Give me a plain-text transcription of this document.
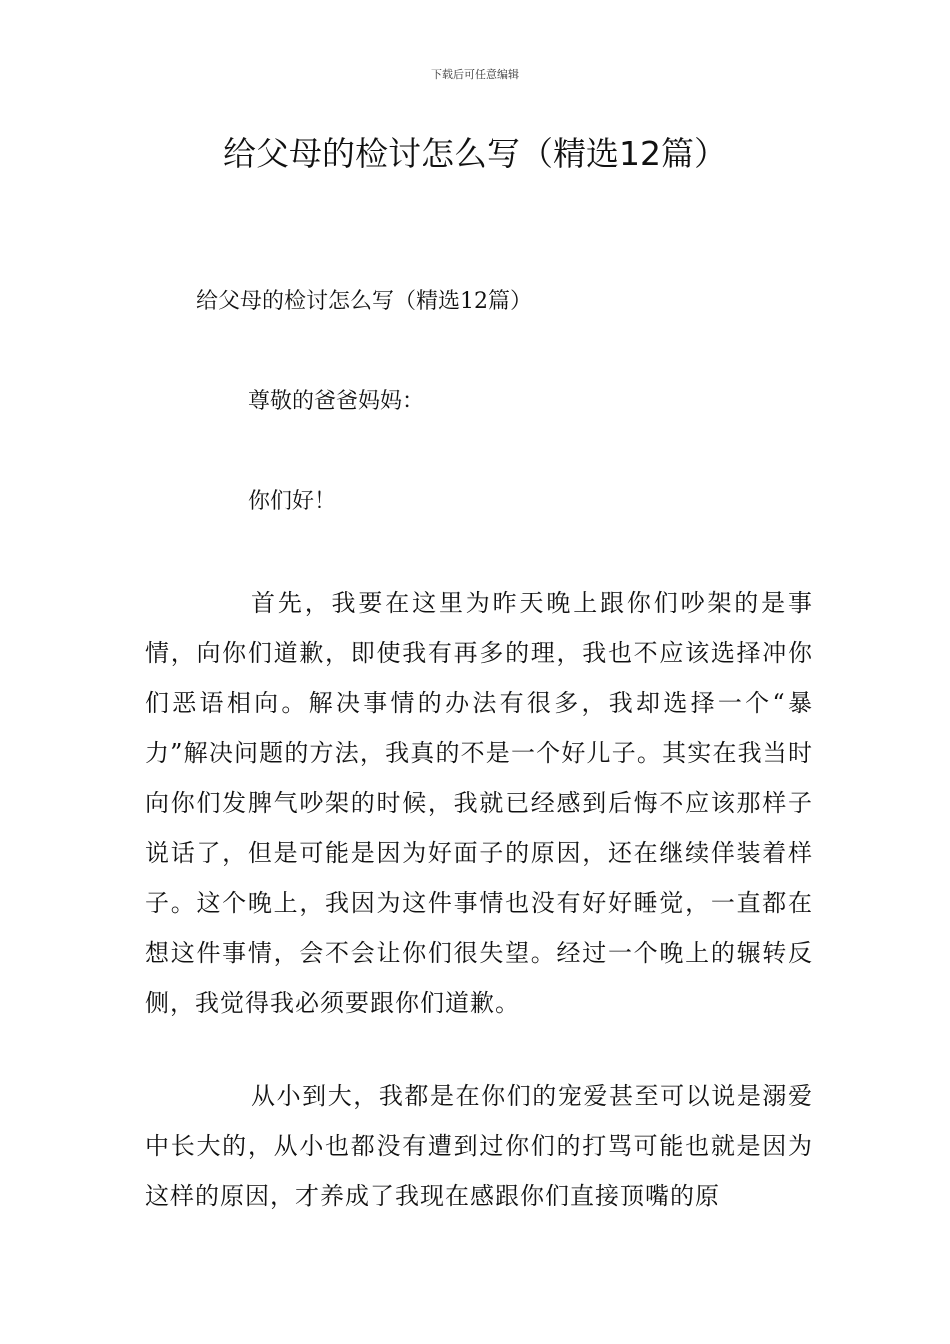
下载后可任意编辑
给父母的检讨怎么写（精选12篇）
给父母的检讨怎么写（精选12篇）
尊敬的爸爸妈妈：
你们好！

首先，我要在这里为昨天晚上跟你们吵架的是事情，向你们道歉，即使我有再多的理，我也不应该选择冲你们恶语相向。解决事情的办法有很多，我却选择一个“暴力”解决问题的方法，我真的不是一个好儿子。其实在我当时向你们发脾气吵架的时候，我就已经感到后悔不应该那样子说话了，但是可能是因为好面子的原因，还在继续佯装着样子。这个晚上，我因为这件事情也没有好好睡觉，一直都在想这件事情，会不会让你们很失望。经过一个晚上的辗转反侧，我觉得我必须要跟你们道歉。

从小到大，我都是在你们的宠爱甚至可以说是溺爱中长大的，从小也都没有遭到过你们的打骂可能也就是因为这样的原因，才养成了我现在感跟你们直接顶嘴的原
